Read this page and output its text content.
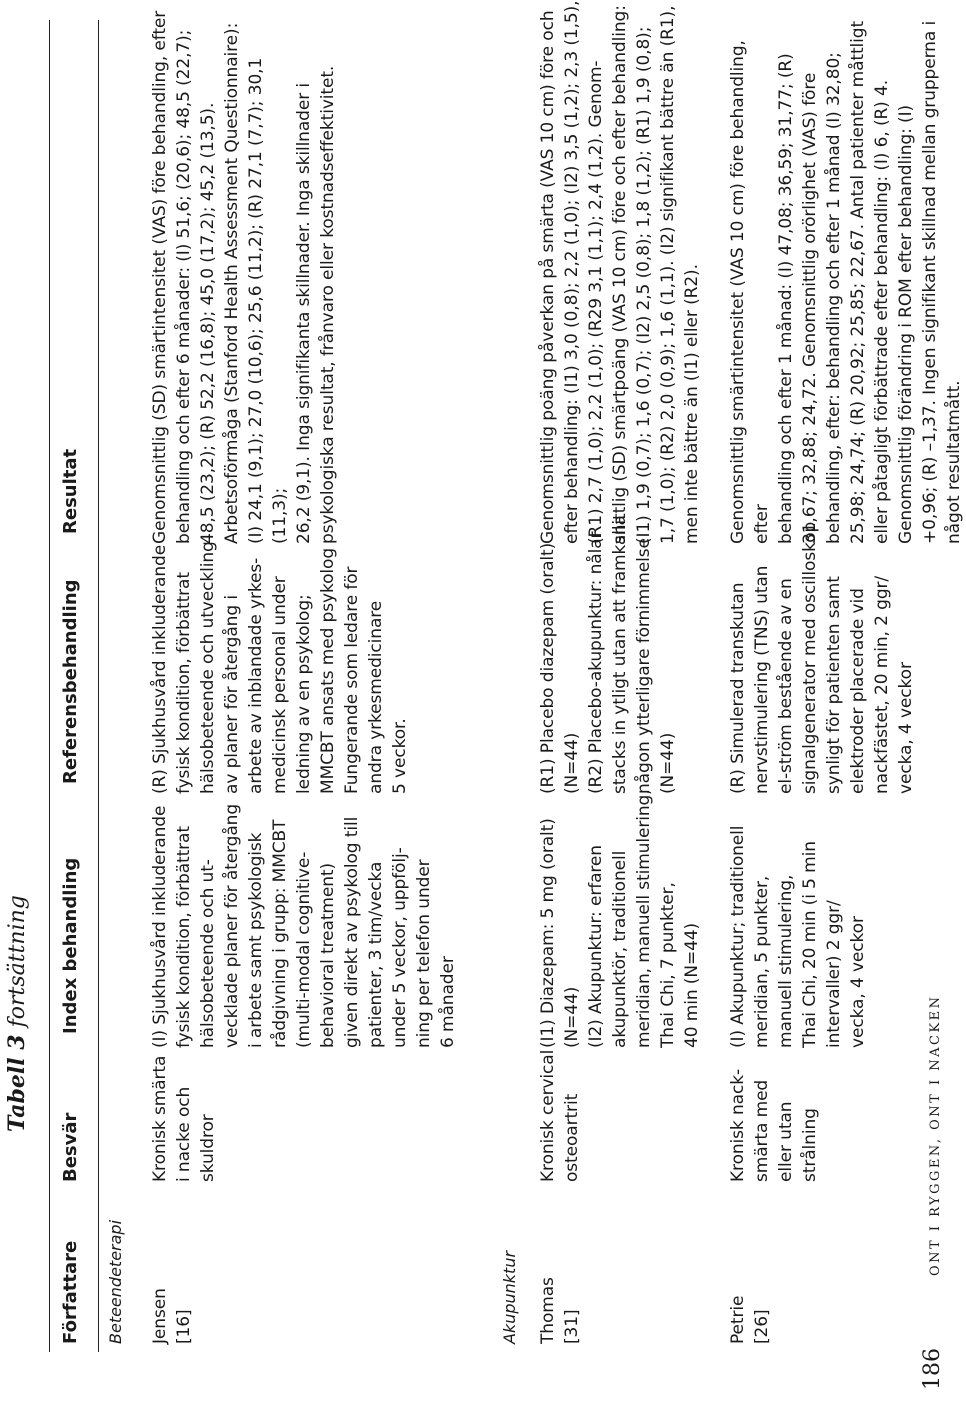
186
ONT I RYGGEN, ONT I NACKEN
Tabell 3 fortsättning
Författare
Besvär
Index behandling
Referensbehandling
Resultat
Beteendeterapi Jensen
[16]
Kronisk smärta
i nacke och
skuldror
(I) Sjukhusvård inkluderande
fysisk kondition, förbättrat
hälsobeteende och ut-
vecklade planer för återgång
i arbete samt psykologisk
rådgivning i grupp: MMCBT
(multi-modal cognitive-
behavioral treatment)
given direkt av psykolog till
patienter, 3 tim/vecka
under 5 veckor, uppfölj-
ning per telefon under
6 månader
(R) Sjukhusvård inkluderande
fysisk kondition, förbättrat
hälsobeteende och utveckling
av planer för återgång i
arbete av inblandade yrkes-
medicinsk personal under
ledning av en psykolog;
MMCBT ansats med psykolog
Fungerande som ledare för
andra yrkesmedicinare
5 veckor.
Genomsnittlig (SD) smärtintensitet (VAS) före behandling, efter
behandling och efter 6 månader: (I) 51,6; (20,6); 48,5 (22,7);
48,5 (23,2); (R) 52,2 (16,8); 45,0 (17,2); 45,2 (13,5).
Arbetsoförmåga (Stanford Health Assessment Questionnaire):
(I) 24,1 (9,1); 27,0 (10,6); 25,6 (11,2); (R) 27,1 (7,7); 30,1 (11,3);
26,2 (9,1). Inga signifikanta skillnader. Inga skillnader i
psykologiska resultat, frånvaro eller kostnadseffektivitet.
Akupunktur Thomas
[31]
Kronisk cervical
osteoartrit
(I1) Diazepam: 5 mg (oralt)
(N=44)
(I2) Akupunktur: erfaren
akupunktör, traditionell
meridian, manuell stimulering,
Thai Chi, 7 punkter,
40 min (N=44)
(R1) Placebo diazepam (oralt)
(N=44)
(R2) Placebo-akupunktur: nålar
stacks in ytligt utan att framkalla
någon ytterligare förnimmelse
(N=44)
Genomsnittlig poäng påverkan på smärta (VAS 10 cm) före och
efter behandling: (I1) 3,0 (0,8); 2,2 (1,0); (I2) 3,5 (1,2); 2,3 (1,5),
(R1) 2,7 (1,0); 2,2 (1,0); (R29 3,1 (1,1); 2,4 (1,2). Genom-
snittlig (SD) smärtpoäng (VAS 10 cm) före och efter behandling:
(I1) 1,9 (0,7); 1,6 (0,7); (I2) 2,5 (0,8); 1,8 (1,2); (R1) 1,9 (0,8);
1,7 (1,0); (R2) 2,0 (0,9); 1,6 (1,1). (I2) signifikant bättre än (R1),
men inte bättre än (I1) eller (R2).
Petrie
[26]
Kronisk nack-
smärta med
eller utan
strålning
(I) Akupunktur; traditionell
meridian, 5 punkter,
manuell stimulering,
Thai Chi, 20 min (i 5 min
intervaller) 2 ggr/
vecka, 4 veckor
(R) Simulerad transkutan
nervstimulering (TNS) utan
el-ström bestående av en
signalgenerator med oscilloskop
synligt för patienten samt
elektroder placerade vid
nackfästet, 20 min, 2 ggr/
vecka, 4 veckor
Genomsnittlig smärtintensitet (VAS 10 cm) före behandling, efter
behandling och efter 1 månad: (I) 47,08; 36,59; 31,77; (R)
31,67; 32,88; 24,72. Genomsnittlig orörlighet (VAS) före
behandling, efter: behandling och efter 1 månad (I) 32,80;
25,98; 24,74; (R) 20,92; 25,85; 22,67. Antal patienter måttligt
eller påtagligt förbättrade efter behandling: (I) 6, (R) 4.
Genomsnittlig förändring i ROM efter behandling: (I)
+0,96; (R) –1,37. Ingen signifikant skillnad mellan grupperna i
något resultatmått.
